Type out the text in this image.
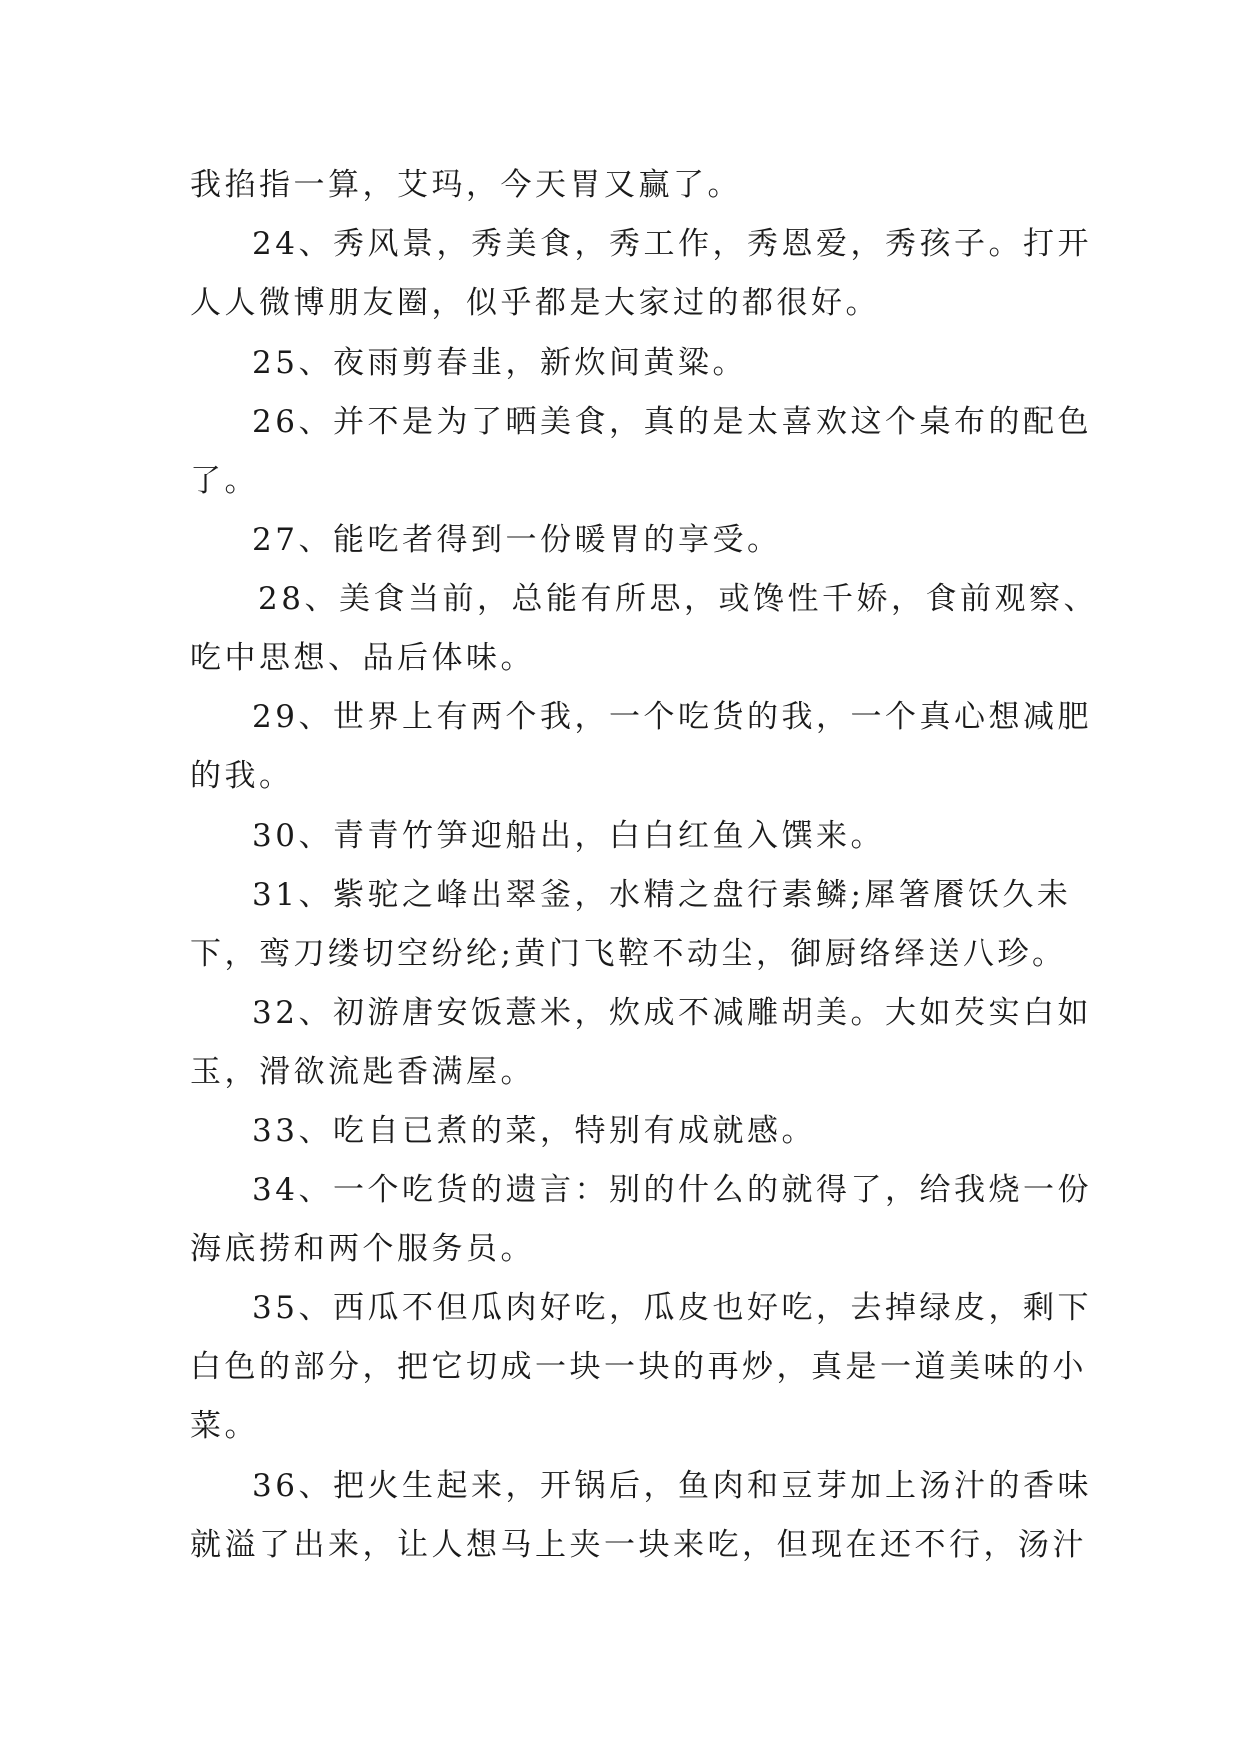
我掐指一算，艾玛，今天胃又赢了。

24、秀风景，秀美食，秀工作，秀恩爱，秀孩子。打开

人人微博朋友圈，似乎都是大家过的都很好。

25、夜雨剪春韭，新炊间黄粱。

26、并不是为了晒美食，真的是太喜欢这个桌布的配色

了。

27、能吃者得到一份暖胃的享受。

28、美食当前，总能有所思，或馋性千娇，食前观察、

吃中思想、品后体味。

29、世界上有两个我，一个吃货的我，一个真心想减肥

的我。

30、青青竹笋迎船出，白白红鱼入馔来。

31、紫驼之峰出翠釜，水精之盘行素鳞;犀箸餍饫久未

下，鸾刀缕切空纷纶;黄门飞鞚不动尘，御厨络绎送八珍。

32、初游唐安饭薏米，炊成不减雕胡美。大如芡实白如

玉，滑欲流匙香满屋。

33、吃自已煮的菜，特别有成就感。

34、一个吃货的遗言：别的什么的就得了，给我烧一份

海底捞和两个服务员。

35、西瓜不但瓜肉好吃，瓜皮也好吃，去掉绿皮，剩下

白色的部分，把它切成一块一块的再炒，真是一道美味的小

菜。

36、把火生起来，开锅后，鱼肉和豆芽加上汤汁的香味

就溢了出来，让人想马上夹一块来吃，但现在还不行，汤汁
